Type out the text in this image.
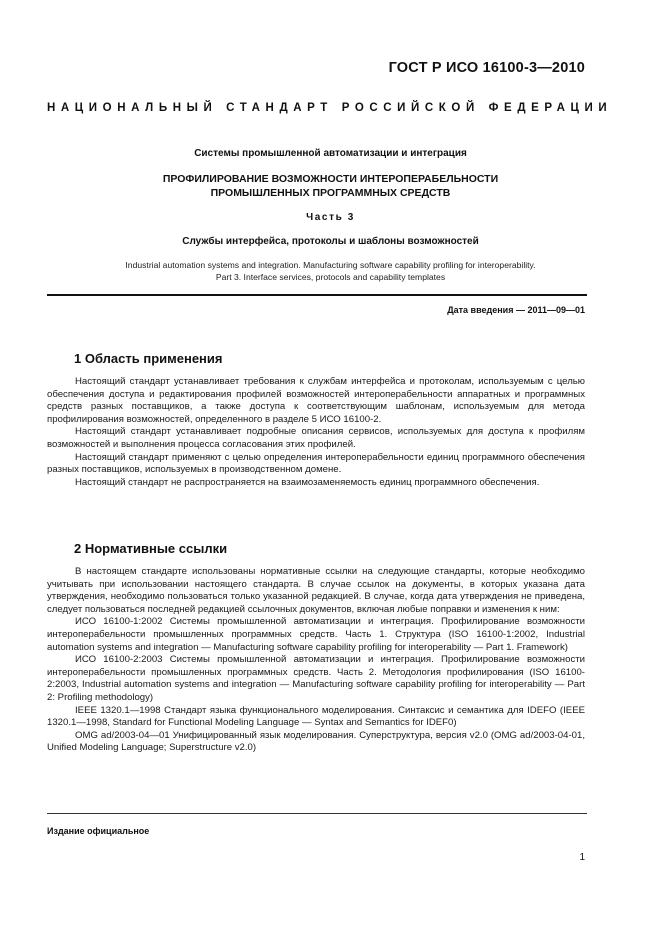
ГОСТ Р ИСО 16100-3—2010
НАЦИОНАЛЬНЫЙ СТАНДАРТ РОССИЙСКОЙ ФЕДЕРАЦИИ
Системы промышленной автоматизации и интеграция
ПРОФИЛИРОВАНИЕ ВОЗМОЖНОСТИ ИНТЕРОПЕРАБЕЛЬНОСТИ
ПРОМЫШЛЕННЫХ ПРОГРАММНЫХ СРЕДСТВ
Часть 3
Службы интерфейса, протоколы и шаблоны возможностей
Industrial automation systems and integration. Manufacturing software capability profiling for interoperability.
Part 3. Interface services, protocols and capability templates
Дата введения — 2011—09—01
1 Область применения

Настоящий стандарт устанавливает требования к службам интерфейса и протоколам, используемым с целью обеспечения доступа и редактирования профилей возможностей интероперабельности аппаратных и программных средств разных поставщиков, а также доступа к соответствующим шаблонам, используемым для метода профилирования возможностей, определенного в разделе 5 ИСО 16100-2.

Настоящий стандарт устанавливает подробные описания сервисов, используемых для доступа к профилям возможностей и выполнения процесса согласования этих профилей.

Настоящий стандарт применяют с целью определения интероперабельности единиц программного обеспечения разных поставщиков, используемых в производственном домене.

Настоящий стандарт не распространяется на взаимозаменяемость единиц программного обеспечения.

2 Нормативные ссылки

В настоящем стандарте использованы нормативные ссылки на следующие стандарты, которые необходимо учитывать при использовании настоящего стандарта. В случае ссылок на документы, в которых указана дата утверждения, необходимо пользоваться только указанной редакцией. В случае, когда дата утверждения не приведена, следует пользоваться последней редакцией ссылочных документов, включая любые поправки и изменения к ним:

ИСО 16100-1:2002 Системы промышленной автоматизации и интеграция. Профилирование возможности интероперабельности промышленных программных средств. Часть 1. Структура (ISO 16100-1:2002, Industrial automation systems and integration — Manufacturing software capability profiling for interoperability — Part 1. Framework)

ИСО 16100-2:2003 Системы промышленной автоматизации и интеграция. Профилирование возможности интероперабельности промышленных программных средств. Часть 2. Методология профилирования (ISO 16100-2:2003, Industrial automation systems and integration — Manufacturing software capability profiling for interoperability — Part 2: Profiling methodology)

IEEE 1320.1—1998 Стандарт языка функционального моделирования. Синтаксис и семантика для IDEFO (IEEE 1320.1—1998, Standard for Functional Modeling Language — Syntax and Semantics for IDEF0)

OMG ad/2003-04—01 Унифицированный язык моделирования. Суперструктура, версия v2.0 (OMG ad/2003-04-01, Unified Modeling Language; Superstructure v2.0)

Издание официальное
1
